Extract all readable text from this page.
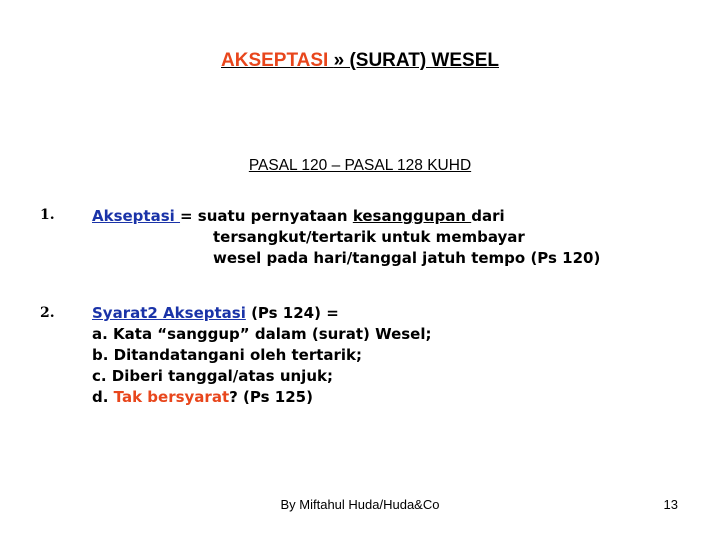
AKSEPTASI » (SURAT) WESEL
PASAL 120 – PASAL 128 KUHD
1. Akseptasi = suatu pernyataan kesanggupan dari
tersangkut/tertarik untuk membayar
wesel pada hari/tanggal jatuh tempo (Ps 120)
2. Syarat2 Akseptasi (Ps 124) =
a. Kata “sanggup” dalam (surat) Wesel;
b. Ditandatangani oleh tertarik;
c. Diberi tanggal/atas unjuk;
d. Tak bersyarat? (Ps 125)
By Miftahul Huda/Huda&Co	13
